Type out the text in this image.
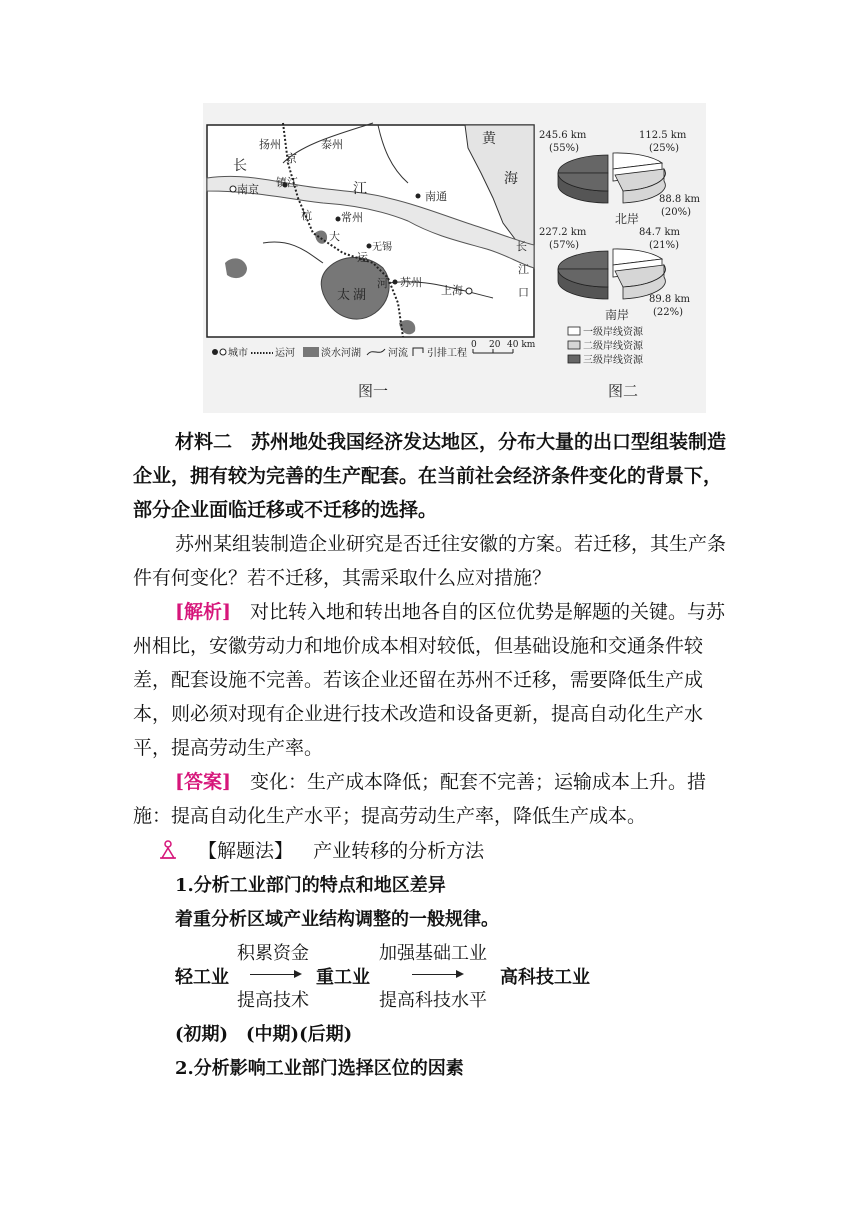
扬州	泰州
南京
镇江
常州
无锡
苏州
南通
上海
黄
海
长
江
京
杭
大
运
河
太 湖
长
江
口
城市	运河	淡水河湖	河流 引排工程
0 20 40 km
图一
245.6 km
(55%)
112.5 km
(25%)
88.8 km
(20%)
北岸
227.2 km
(57%)
84.7 km
(21%)
89.8 km
(22%)
南岸
一级岸线资源
二级岸线资源
三级岸线资源
图二
材料二  苏州地处我国经济发达地区，分布大量的出口型组装制造企业，拥有较为完善的生产配套。在当前社会经济条件变化的背景下，部分企业面临迁移或不迁移的选择。
苏州某组装制造企业研究是否迁往安徽的方案。若迁移，其生产条件有何变化？若不迁移，其需采取什么应对措施？
[解析]  对比转入地和转出地各自的区位优势是解题的关键。与苏州相比，安徽劳动力和地价成本相对较低，但基础设施和交通条件较差，配套设施不完善。若该企业还留在苏州不迁移，需要降低生产成本，则必须对现有企业进行技术改造和设备更新，提高自动化生产水平，提高劳动生产率。
[答案]  变化：生产成本降低；配套不完善；运输成本上升。措施：提高自动化生产水平；提高劳动生产率，降低生产成本。
【解题法】 产业转移的分析方法
1.分析工业部门的特点和地区差异
着重分析区域产业结构调整的一般规律。
积累资金	加强基础工业
轻工业	重工业	高科技工业
提高技术	提高科技水平
(初期)　(中期)(后期)
2.分析影响工业部门选择区位的因素
